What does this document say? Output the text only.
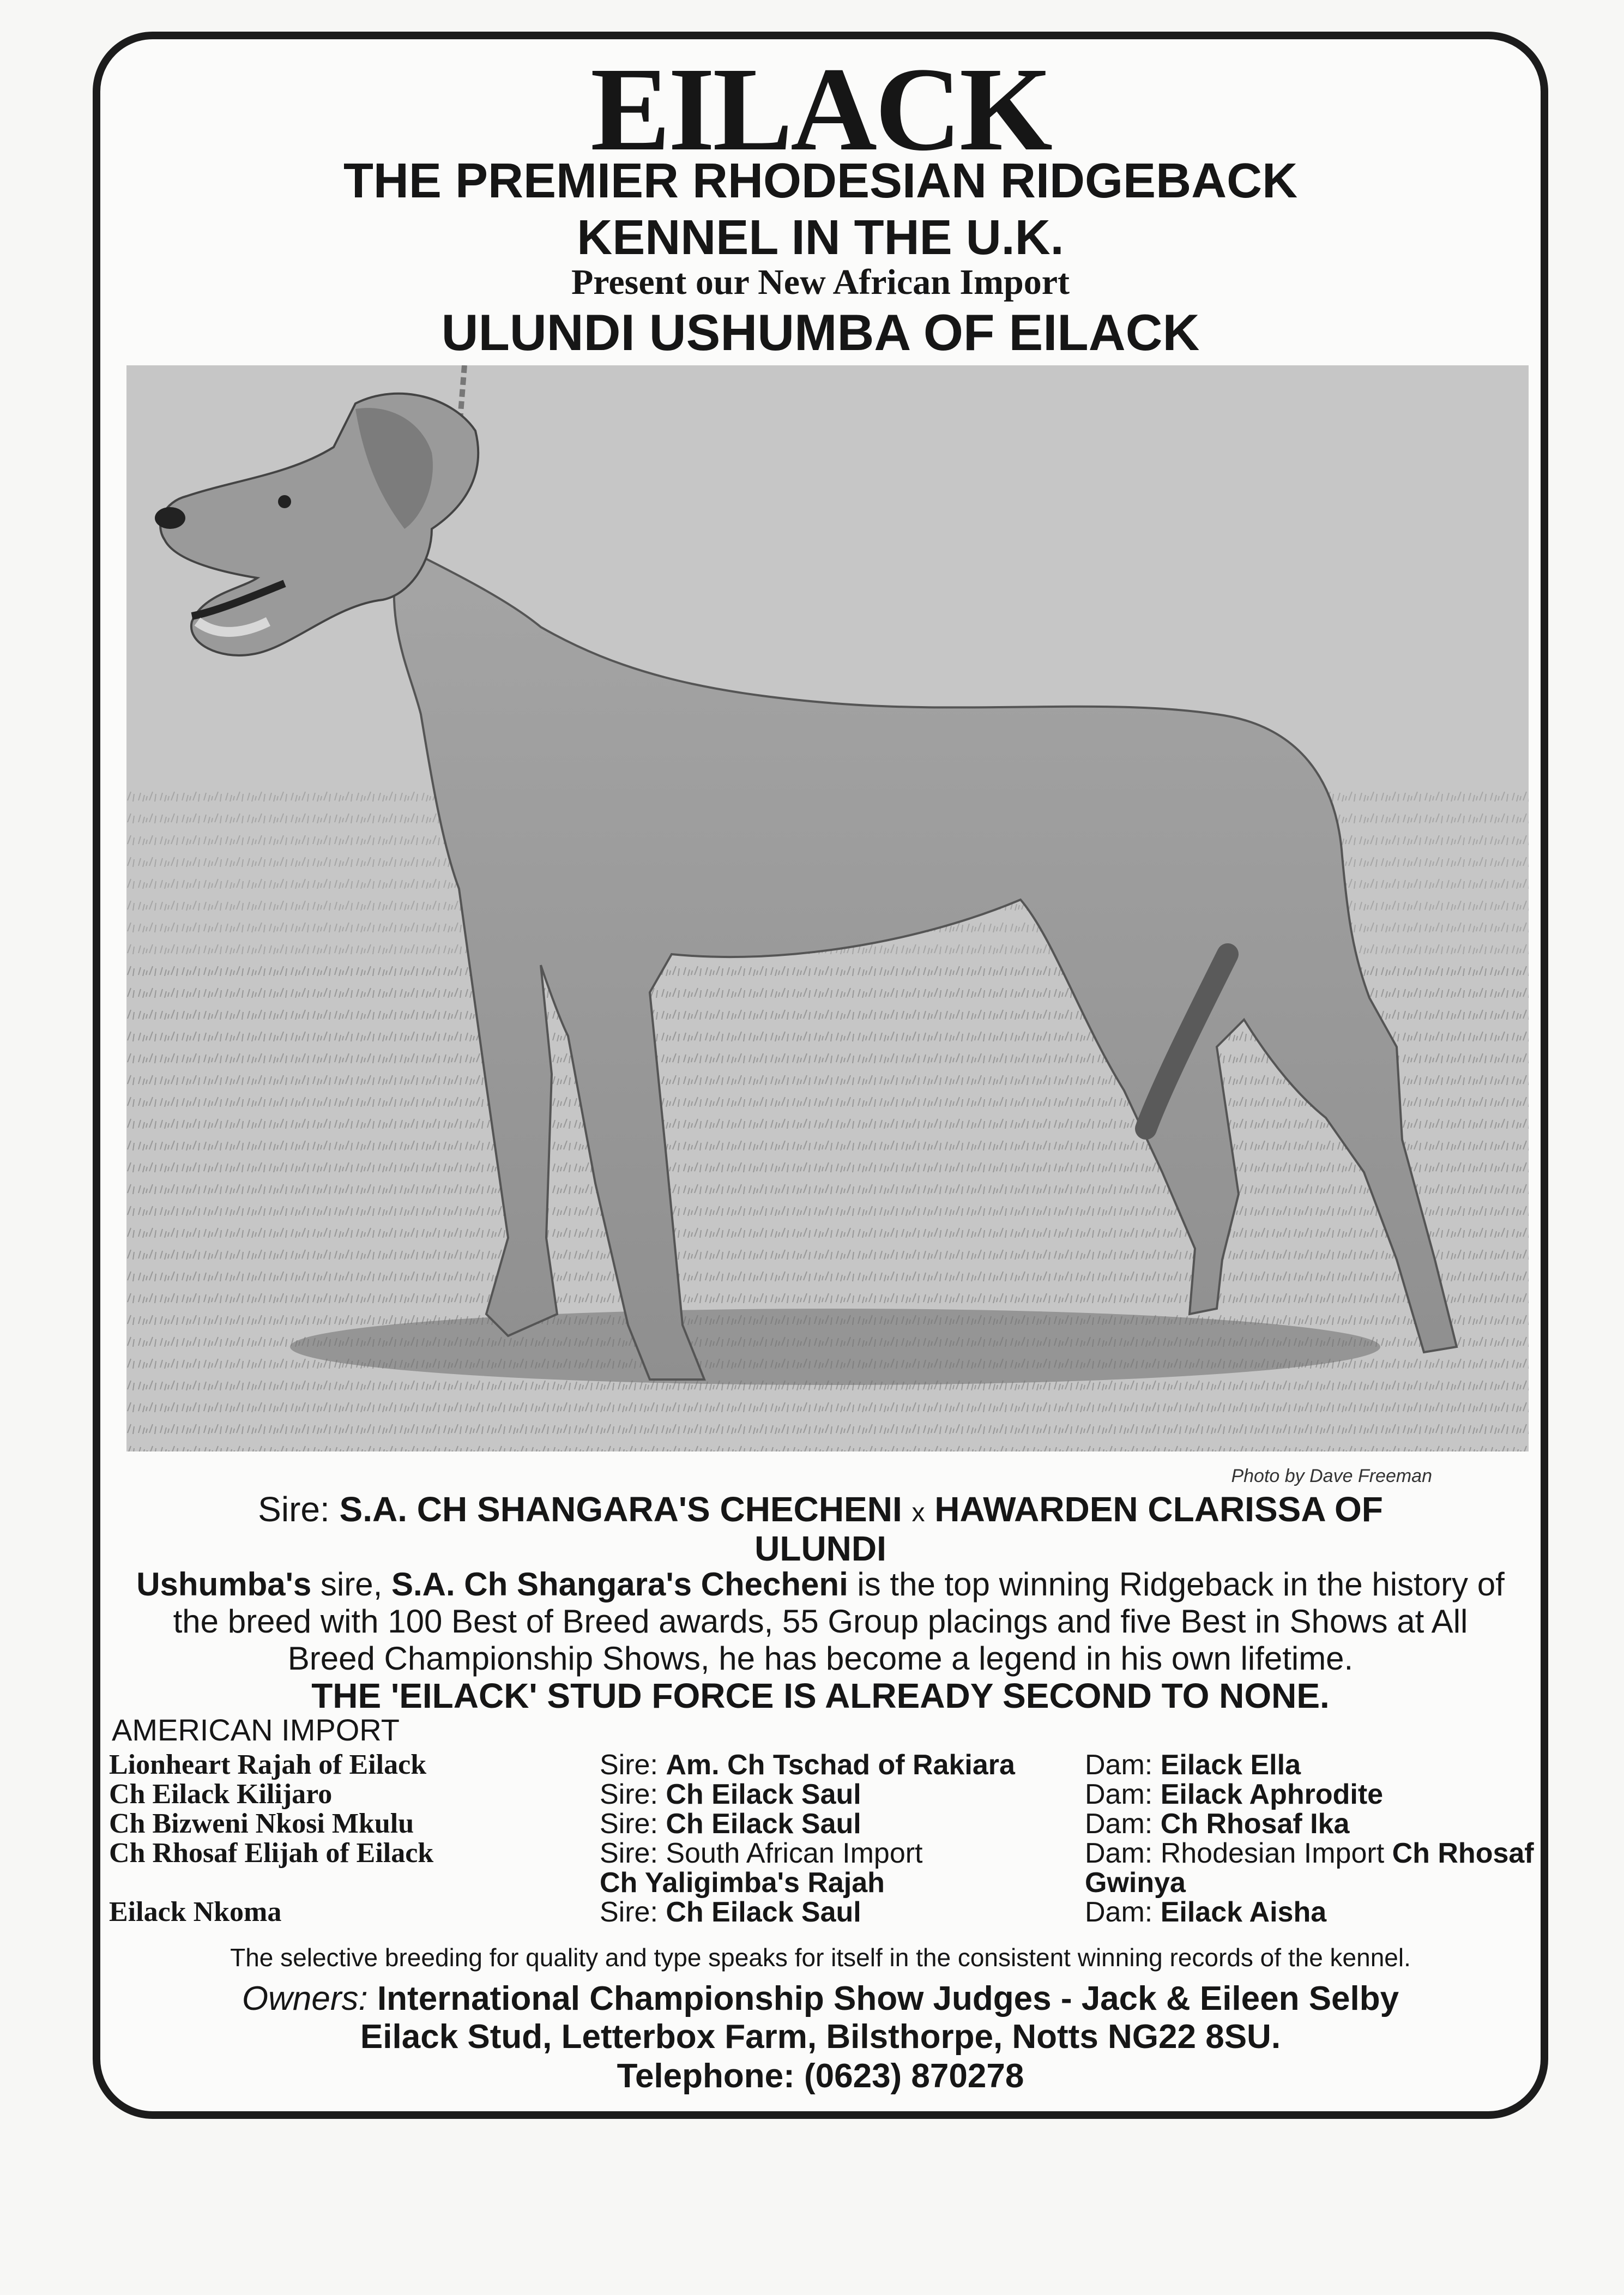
EILACK
THE PREMIER RHODESIAN RIDGEBACK
KENNEL IN THE U.K.
Present our New African Import
ULUNDI USHUMBA OF EILACK
Photo by Dave Freeman
Sire: S.A. CH SHANGARA'S CHECHENI x HAWARDEN CLARISSA OF
ULUNDI

Ushumba's sire, S.A. Ch Shangara's Checheni is the top winning Ridgeback in the history of the breed with 100 Best of Breed awards, 55 Group placings and five Best in Shows at All Breed Championship Shows, he has become a legend in his own lifetime.

THE 'EILACK' STUD FORCE IS ALREADY SECOND TO NONE.
AMERICAN IMPORT
Lionheart Rajah of Eilack
Ch Eilack Kilijaro
Ch Bizweni Nkosi Mkulu
Ch Rhosaf Elijah of Eilack
Eilack Nkoma
Sire: Am. Ch Tschad of Rakiara
Sire: Ch Eilack Saul
Sire: Ch Eilack Saul
Sire: South African Import
Ch Yaligimba's Rajah
Sire: Ch Eilack Saul
Dam: Eilack Ella
Dam: Eilack Aphrodite
Dam: Ch Rhosaf Ika
Dam: Rhodesian Import Ch Rhosaf
Gwinya
Dam: Eilack Aisha
The selective breeding for quality and type speaks for itself in the consistent winning records of the kennel.
Owners: International Championship Show Judges - Jack & Eileen Selby
Eilack Stud, Letterbox Farm, Bilsthorpe, Notts NG22 8SU.
Telephone: (0623) 870278
